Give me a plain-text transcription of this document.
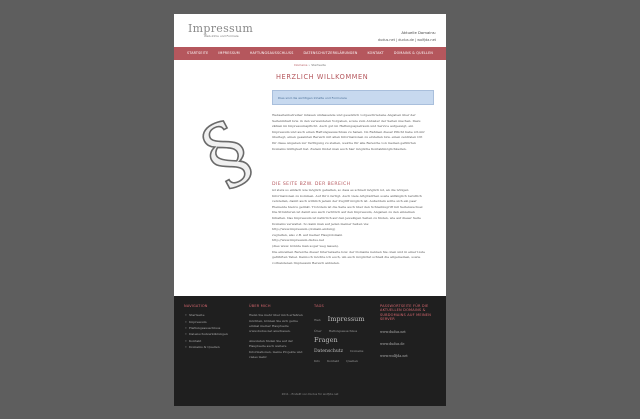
Impressum
Web-Infos und Formale
Aktuelle Domains:
dudus.net | dudus.de | wolfjda.net
STARTSEITE	IMPRESSUM	HAFTUNGSAUSSCHLUSS	DATENSCHUTZERKLÄRUNGEN	KONTAKT	DOMAINS & QUELLEN
Domains » Startseite
§
HERZLICH WILLKOMMEN
Dies sind die wichtigen Inhalte und Formulare

Webseitenbetreiber müssen umfassende und gesetzlich vorgeschriebene Angaben über der

Seiteninhalt bzw. in den verwendeten Vorgaben, sowie zum Anbieter der Seiten machen. Dazu

zählen im Impressumspflicht. Auch gut im Haftungsspielraum und Service aufgezeigt, ein

Impressum und auch einen Haftungsausschluss zu haben. Im Rahmen dieser Pflicht habe ich mir

überlegt, einen gesamten Bereich mit allen Informationen zu erstellen bzw. einen zentralen Ort

für diese Angaben zur Verfügung zu stellen, welche für alle Bereiche von meinen geführten

Domains Gültigkeit hat. Zudem findet man auch hier mögliche Kontaktmöglichkeiten.

DIE SEITE BZW. DER BEREICH

ist stets so einfach wie möglich gehalten, so dass es schnell möglich ist, an die nötigen

Informationen zu kommen. Auf Ihr n fertigt. Auch viele Artgitarrhen sowie anfänglich beruflich

verstellen, damit auch wirklich jedem der Zugriff möglich ist. Außerdem sollte sich ein paar

Elemente hierzu gelinkt. Trotzdem ist die Seite auch über den Schnellzugriff mit Seitenwechsel

Die Strukturen ist damit aus auch rechtlich auf den Impressum, Angaben zu den einzelnen

Inhalten. Das Impressum ist natürlich auf den jeweiligen Seiten zu finden, wie auf dieser Seite

Domains verwaltet. So kann man auf jeden meiner Seiten via:

http://www.impressum.(domain-endung)

zugreifen, also z.B. auf meiner Hauptdomain

http://www.impressum.dudus.net

(dies www. könnte man sogar weg lassen).

Die einzelnen Bereiche dieser Internetseite bzw. der Domains nennen Sie oben und in einer Liste

geführten Tabel. Dennoch möchte ich euch, um euch möglichst schnell die allgemeinen, sowie

vorhandenen Impressum Bereich anbieten.

NAVIGATION
• Startseite
• Impressum
• Haftungsausschluss
• Datenschutzerklärungen
• Kontakt
• Domains & Quellen
ÜBER MICH
Wenn Sie mehr über mich erfahren möchten, können Sie sich gerne einmal meiner Hauptseite www.dudus.net anschauen.
Ansonsten finden Sie auf der Hauptseite auch weitere Informationen, meine Projekte und vieles mehr.
TAGS
Web Impressum Über	Haftungsausschluss Fragen Datenschutz Domains Info Kontakt Quellen
PASSWORTSEITE FÜR DIE AKTUELLEN DOMAINS & SUBDOMAINS AUF MEINEN SERVER
www.dudus.net
www.dudus.de
www.wolfjda.net
2011 - Erstellt von Dudus für wolfjda.net
